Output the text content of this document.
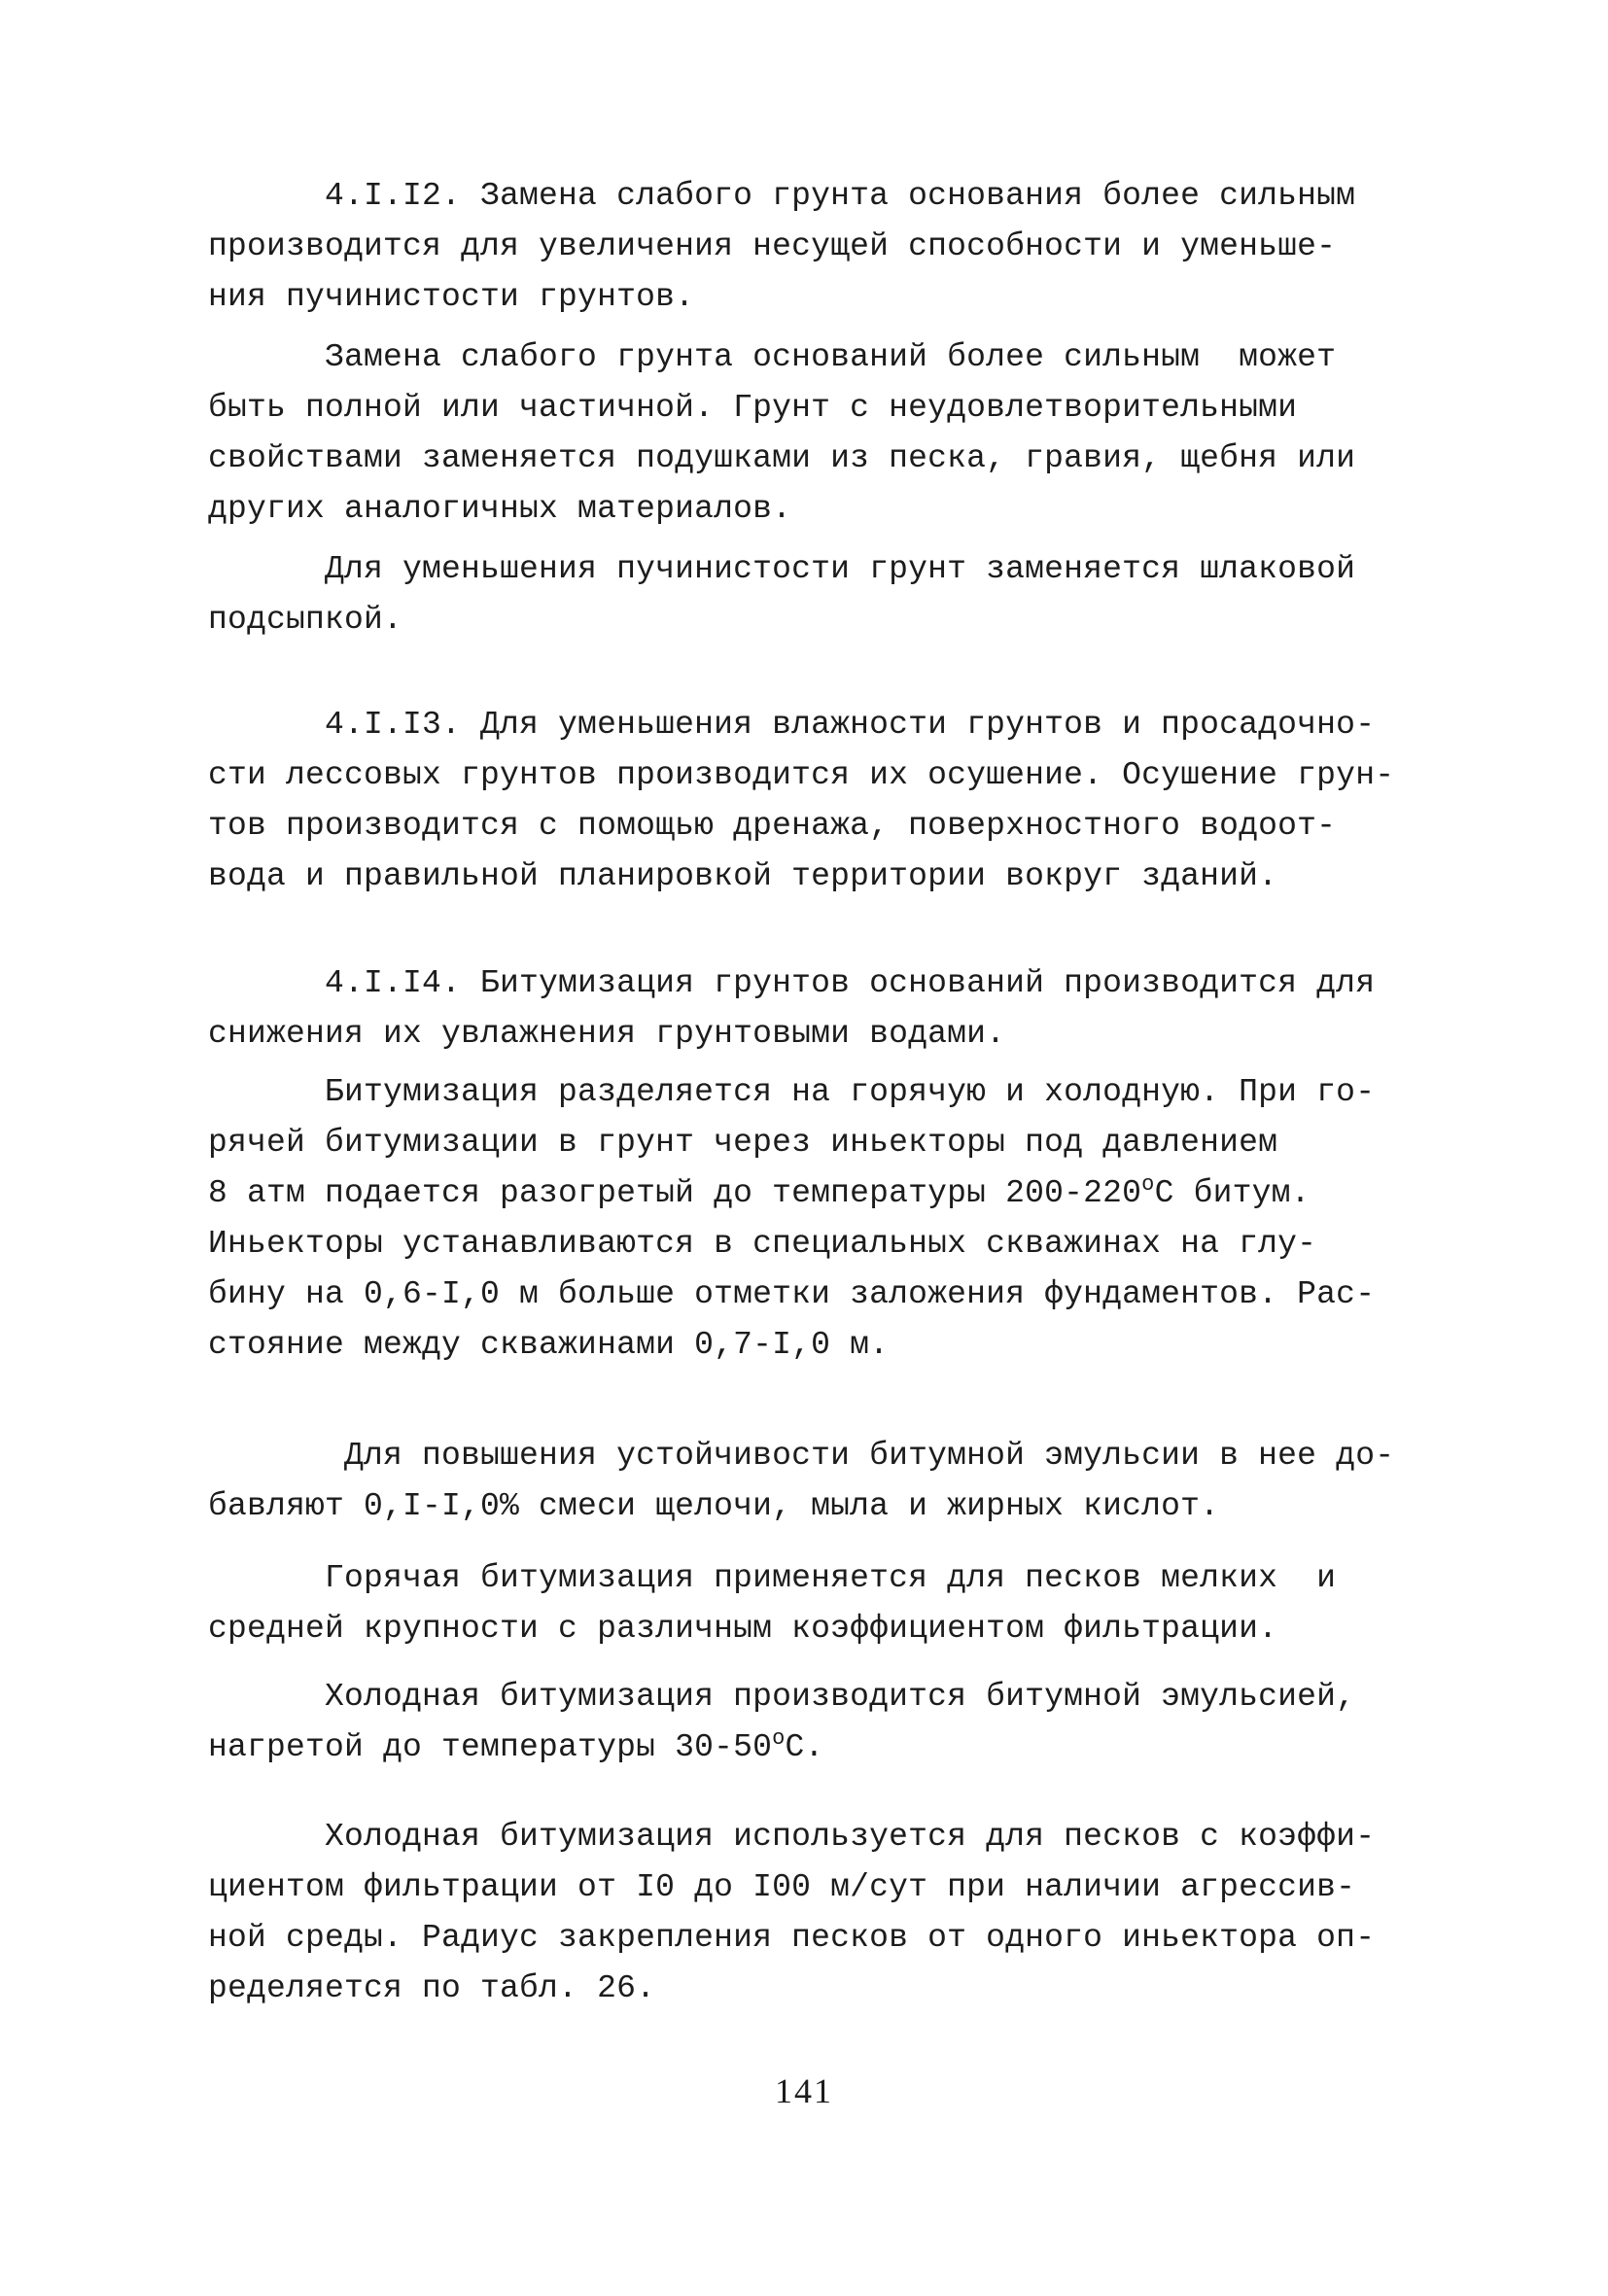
4.I.I2. Замена слабого грунта основания более сильным
производится для увеличения несущей способности и уменьше-
ния пучинистости грунтов.

Замена слабого грунта оснований более сильным  может
быть полной или частичной. Грунт с неудовлетворительными
свойствами заменяется подушками из песка, гравия, щебня или
других аналогичных материалов.

Для уменьшения пучинистости грунт заменяется шлаковой
подсыпкой.

4.I.I3. Для уменьшения влажности грунтов и просадочно-
сти лессовых грунтов производится их осушение. Осушение грун-
тов производится с помощью дренажа, поверхностного водоот-
вода и правильной планировкой территории вокруг зданий.

4.I.I4. Битумизация грунтов оснований производится для
снижения их увлажнения грунтовыми водами.

Битумизация разделяется на горячую и холодную. При го-
рячей битумизации в грунт через иньекторы под давлением
8 атм подается разогретый до температуры 200-220$^o$C битум.
Иньекторы устанавливаются в специальных скважинах на глу-
бину на 0,6-I,0 м больше отметки заложения фундаментов. Рас-
стояние между скважинами 0,7-I,0 м.

Для повышения устойчивости битумной эмульсии в нее до-
бавляют 0,I-I,0% смеси щелочи, мыла и жирных кислот.

Горячая битумизация применяется для песков мелких  и
средней крупности с различным коэффициентом фильтрации.

Холодная битумизация производится битумной эмульсией,
нагретой до температуры 30-50$^o$C.

Холодная битумизация используется для песков с коэффи-
циентом фильтрации от I0 до I00 м/сут при наличии агрессив-
ной среды. Радиус закрепления песков от одного иньектора оп-
ределяется по табл. 26.

141
